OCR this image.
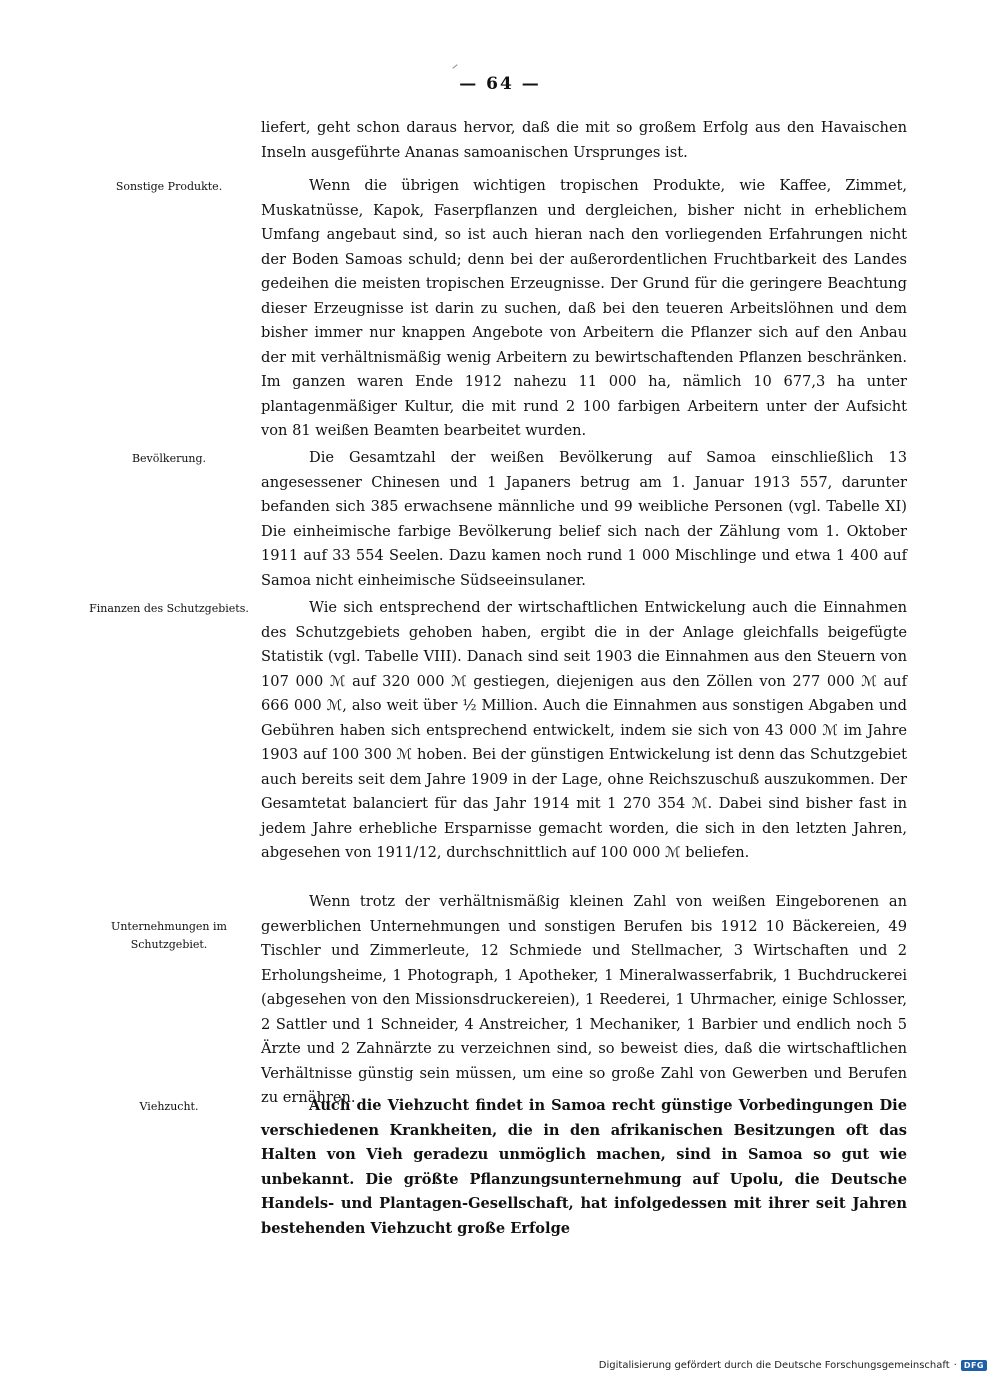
— 64 —
Sonstige Produkte.
Bevölkerung.
Finanzen des Schutzgebiets.
Unternehmungen im Schutzgebiet.
Viehzucht.
liefert, geht schon daraus hervor, daß die mit so großem Erfolg aus den Havaischen Inseln ausgeführte Ananas samoanischen Ursprunges ist.
Wenn die übrigen wichtigen tropischen Produkte, wie Kaffee, Zimmet, Muskatnüsse, Kapok, Faserpflanzen und dergleichen, bisher nicht in erheblichem Umfang angebaut sind, so ist auch hieran nach den vorliegenden Erfahrungen nicht der Boden Samoas schuld; denn bei der außerordentlichen Fruchtbarkeit des Landes gedeihen die meisten tropischen Erzeugnisse. Der Grund für die geringere Beachtung dieser Erzeugnisse ist darin zu suchen, daß bei den teueren Arbeitslöhnen und dem bisher immer nur knappen Angebote von Arbeitern die Pflanzer sich auf den Anbau der mit verhältnismäßig wenig Arbeitern zu bewirtschaftenden Pflanzen beschränken. Im ganzen waren Ende 1912 nahezu 11 000 ha, nämlich 10 677,3 ha unter plantagenmäßiger Kultur, die mit rund 2 100 farbigen Arbeitern unter der Aufsicht von 81 weißen Beamten bearbeitet wurden.
Die Gesamtzahl der weißen Bevölkerung auf Samoa einschließlich 13 angesessener Chinesen und 1 Japaners betrug am 1. Januar 1913 557, darunter befanden sich 385 erwachsene männliche und 99 weibliche Personen (vgl. Tabelle XI) Die einheimische farbige Bevölkerung belief sich nach der Zählung vom 1. Oktober 1911 auf 33 554 Seelen. Dazu kamen noch rund 1 000 Mischlinge und etwa 1 400 auf Samoa nicht einheimische Südseeinsulaner.
Wie sich entsprechend der wirtschaftlichen Entwickelung auch die Einnahmen des Schutzgebiets gehoben haben, ergibt die in der Anlage gleichfalls beigefügte Statistik (vgl. Tabelle VIII). Danach sind seit 1903 die Einnahmen aus den Steuern von 107 000 ℳ auf 320 000 ℳ gestiegen, diejenigen aus den Zöllen von 277 000 ℳ auf 666 000 ℳ, also weit über ½ Million. Auch die Einnahmen aus sonstigen Abgaben und Gebühren haben sich entsprechend entwickelt, indem sie sich von 43 000 ℳ im Jahre 1903 auf 100 300 ℳ hoben. Bei der günstigen Entwickelung ist denn das Schutzgebiet auch bereits seit dem Jahre 1909 in der Lage, ohne Reichszuschuß auszukommen. Der Gesamtetat balanciert für das Jahr 1914 mit 1 270 354 ℳ. Dabei sind bisher fast in jedem Jahre erhebliche Ersparnisse gemacht worden, die sich in den letzten Jahren, abgesehen von 1911/12, durchschnittlich auf 100 000 ℳ beliefen.
Wenn trotz der verhältnismäßig kleinen Zahl von weißen Eingeborenen an gewerblichen Unternehmungen und sonstigen Berufen bis 1912 10 Bäckereien, 49 Tischler und Zimmerleute, 12 Schmiede und Stellmacher, 3 Wirtschaften und 2 Erholungsheime, 1 Photograph, 1 Apotheker, 1 Mineralwasserfabrik, 1 Buchdruckerei (abgesehen von den Missionsdruckereien), 1 Reederei, 1 Uhrmacher, einige Schlosser, 2 Sattler und 1 Schneider, 4 Anstreicher, 1 Mechaniker, 1 Barbier und endlich noch 5 Ärzte und 2 Zahnärzte zu verzeichnen sind, so beweist dies, daß die wirtschaftlichen Verhältnisse günstig sein müssen, um eine so große Zahl von Gewerben und Berufen zu ernähren.
Auch die Viehzucht findet in Samoa recht günstige Vorbedingungen Die verschiedenen Krankheiten, die in den afrikanischen Besitzungen oft das Halten von Vieh geradezu unmöglich machen, sind in Samoa so gut wie unbekannt. Die größte Pflanzungsunternehmung auf Upolu, die Deutsche Handels- und Plantagen-Gesellschaft, hat infolgedessen mit ihrer seit Jahren bestehenden Viehzucht große Erfolge
Digitalisierung gefördert durch die Deutsche Forschungsgemeinschaft · DFG
